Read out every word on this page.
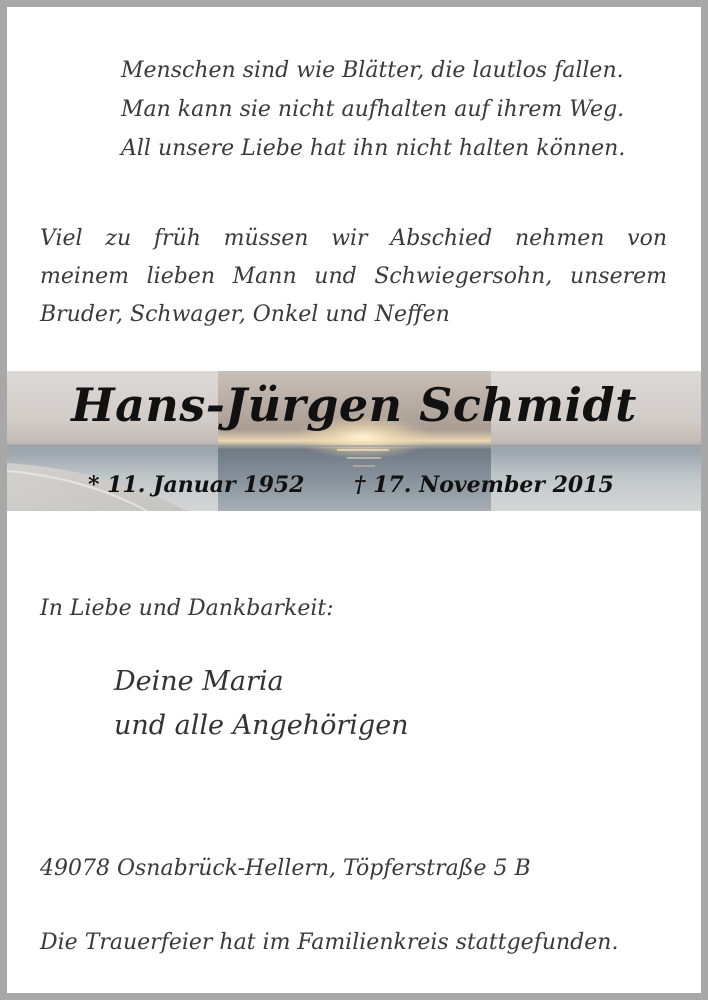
Menschen sind wie Blätter, die lautlos fallen.
Man kann sie nicht aufhalten auf ihrem Weg.
All unsere Liebe hat ihn nicht halten können.
Viel zu früh müssen wir Abschied nehmen von
meinem lieben Mann und Schwiegersohn, unserem
Bruder, Schwager, Onkel und Neffen
Hans-Jürgen Schmidt
* 11. Januar 1952 † 17. November 2015
In Liebe und Dankbarkeit:
Deine Maria
und alle Angehörigen
49078 Osnabrück-Hellern, Töpferstraße 5 B
Die Trauerfeier hat im Familienkreis stattgefunden.
